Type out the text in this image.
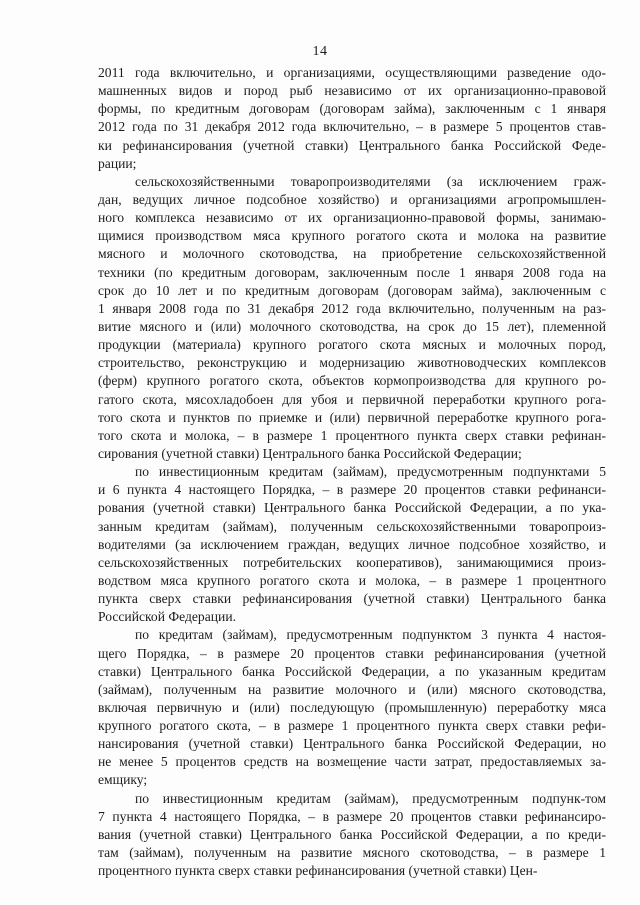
14
2011 года включительно, и организациями, осуществляющими разведение одо-
машненных видов и пород рыб независимо от их организационно-правовой
формы, по кредитным договорам (договорам займа), заключенным с 1 января
2012 года по 31 декабря 2012 года включительно, – в размере 5 процентов став-
ки рефинансирования (учетной ставки) Центрального банка Российской Феде-
рации;
сельскохозяйственными товаропроизводителями (за исключением граж-
дан, ведущих личное подсобное хозяйство) и организациями агропромышлен-
ного комплекса независимо от их организационно-правовой формы, занимаю-
щимися производством мяса крупного рогатого скота и молока на развитие
мясного и молочного скотоводства, на приобретение сельскохозяйственной
техники (по кредитным договорам, заключенным после 1 января 2008 года на
срок до 10 лет и по кредитным договорам (договорам займа), заключенным с
1 января 2008 года по 31 декабря 2012 года включительно, полученным на раз-
витие мясного и (или) молочного скотоводства, на срок до 15 лет), племенной
продукции (материала) крупного рогатого скота мясных и молочных пород,
строительство, реконструкцию и модернизацию животноводческих комплексов
(ферм) крупного рогатого скота, объектов кормопроизводства для крупного ро-
гатого скота, мясохладобоен для убоя и первичной переработки крупного рога-
того скота и пунктов по приемке и (или) первичной переработке крупного рога-
того скота и молока, – в размере 1 процентного пункта сверх ставки рефинан-
сирования (учетной ставки) Центрального банка Российской Федерации;
по инвестиционным кредитам (займам), предусмотренным подпунктами 5
и 6 пункта 4 настоящего Порядка, – в размере 20 процентов ставки рефинанси-
рования (учетной ставки) Центрального банка Российской Федерации, а по ука-
занным кредитам (займам), полученным сельскохозяйственными товаропроиз-
водителями (за исключением граждан, ведущих личное подсобное хозяйство, и
сельскохозяйственных потребительских кооперативов), занимающимися произ-
водством мяса крупного рогатого скота и молока, – в размере 1 процентного
пункта сверх ставки рефинансирования (учетной ставки) Центрального банка
Российской Федерации.
по кредитам (займам), предусмотренным подпунктом 3 пункта 4 настоя-
щего Порядка, – в размере 20 процентов ставки рефинансирования (учетной
ставки) Центрального банка Российской Федерации, а по указанным кредитам
(займам), полученным на развитие молочного и (или) мясного скотоводства,
включая первичную и (или) последующую (промышленную) переработку мяса
крупного рогатого скота, – в размере 1 процентного пункта сверх ставки рефи-
нансирования (учетной ставки) Центрального банка Российской Федерации, но
не менее 5 процентов средств на возмещение части затрат, предоставляемых за-
емщику;
по инвестиционным кредитам (займам), предусмотренным подпунк-том
7 пункта 4 настоящего Порядка, – в размере 20 процентов ставки рефинансиро-
вания (учетной ставки) Центрального банка Российской Федерации, а по креди-
там (займам), полученным на развитие мясного скотоводства, – в размере 1
процентного пункта сверх ставки рефинансирования (учетной ставки) Цен-
